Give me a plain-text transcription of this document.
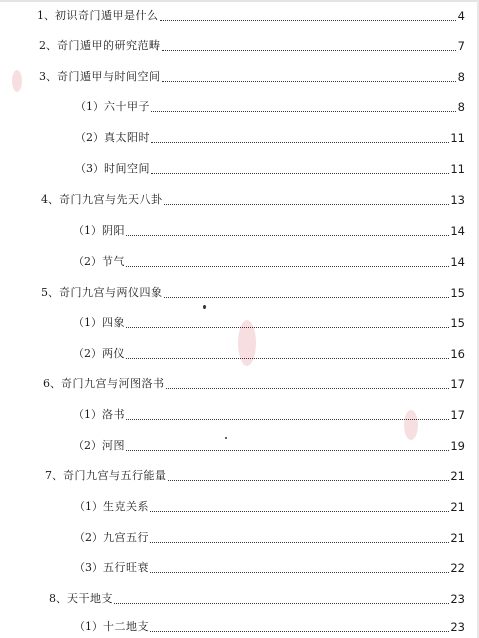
1、 初识奇门遁甲是什么	4
2、 奇门遁甲的研究范畴	7
3、 奇门遁甲与时间空间	8
（1） 六十甲子	8
（2） 真太阳时	11
（3） 时间空间	11
4、 奇门九宫与先天八卦	13
（1） 阴阳	14
（2） 节气	14
5、 奇门九宫与两仪四象	15
（1） 四象	15
（2） 两仪	16
6、 奇门九宫与河图洛书	17
（1） 洛书	17
（2） 河图	19
7、 奇门九宫与五行能量	21
（1） 生克关系	21
（2） 九宫五行	21
（3） 五行旺衰	22
8、 天干地支	23
（1） 十二地支	23
